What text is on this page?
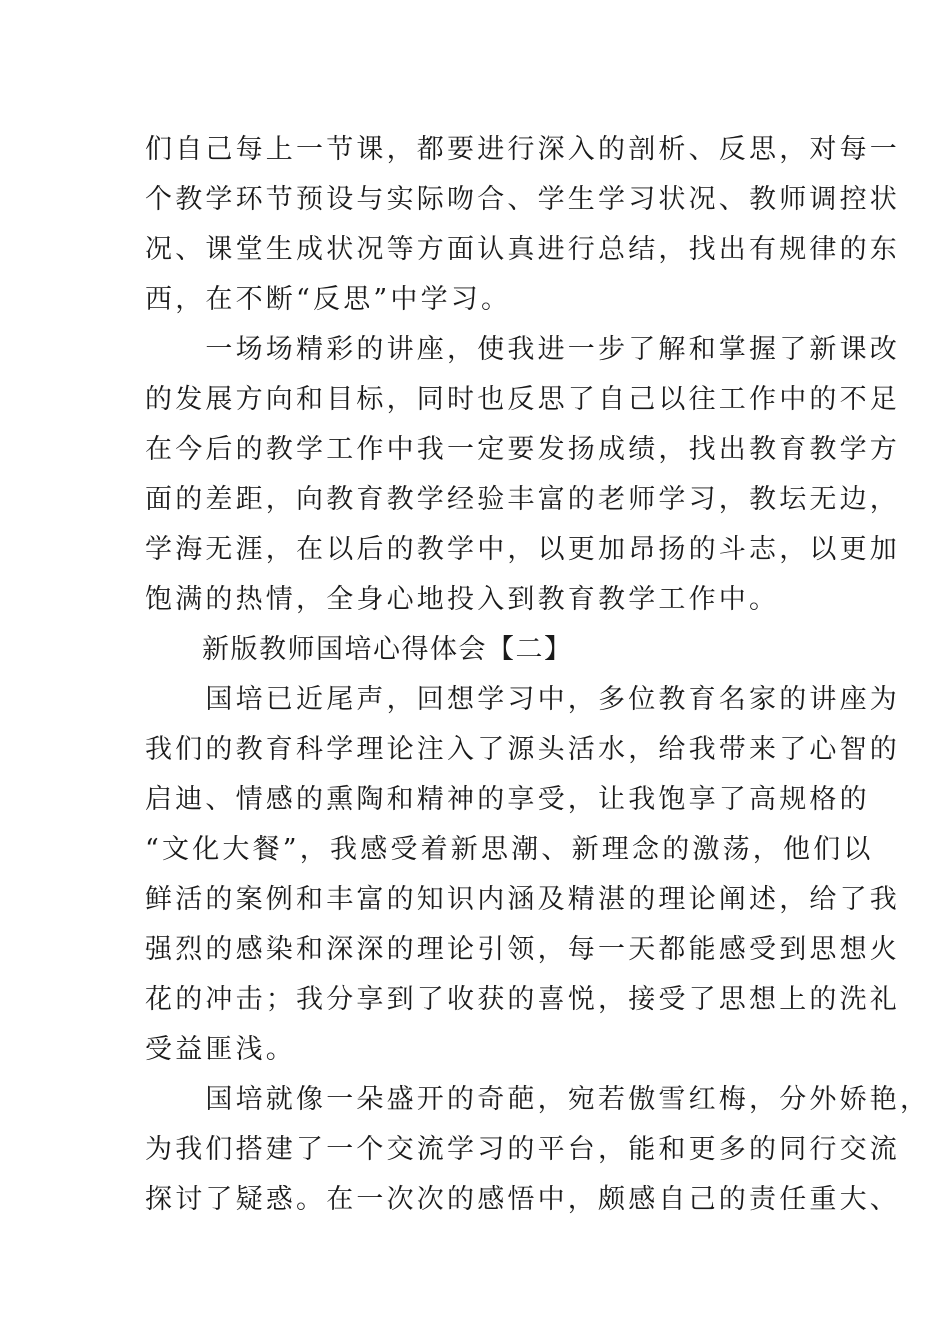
们自己每上一节课，都要进行深入的剖析、反思，对每一
个教学环节预设与实际吻合、学生学习状况、教师调控状
况、课堂生成状况等方面认真进行总结，找出有规律的东
西，在不断“反思”中学习。
　　一场场精彩的讲座，使我进一步了解和掌握了新课改
的发展方向和目标，同时也反思了自己以往工作中的不足
在今后的教学工作中我一定要发扬成绩，找出教育教学方
面的差距，向教育教学经验丰富的老师学习，教坛无边，
学海无涯，在以后的教学中，以更加昂扬的斗志，以更加
饱满的热情，全身心地投入到教育教学工作中。
　　新版教师国培心得体会【二】
　　国培已近尾声，回想学习中，多位教育名家的讲座为
我们的教育科学理论注入了源头活水，给我带来了心智的
启迪、情感的熏陶和精神的享受，让我饱享了高规格的
“文化大餐”，我感受着新思潮、新理念的激荡，他们以
鲜活的案例和丰富的知识内涵及精湛的理论阐述，给了我
强烈的感染和深深的理论引领，每一天都能感受到思想火
花的冲击；我分享到了收获的喜悦，接受了思想上的洗礼
受益匪浅。
　　国培就像一朵盛开的奇葩，宛若傲雪红梅，分外娇艳，
为我们搭建了一个交流学习的平台，能和更多的同行交流
探讨了疑惑。在一次次的感悟中，颇感自己的责任重大、
